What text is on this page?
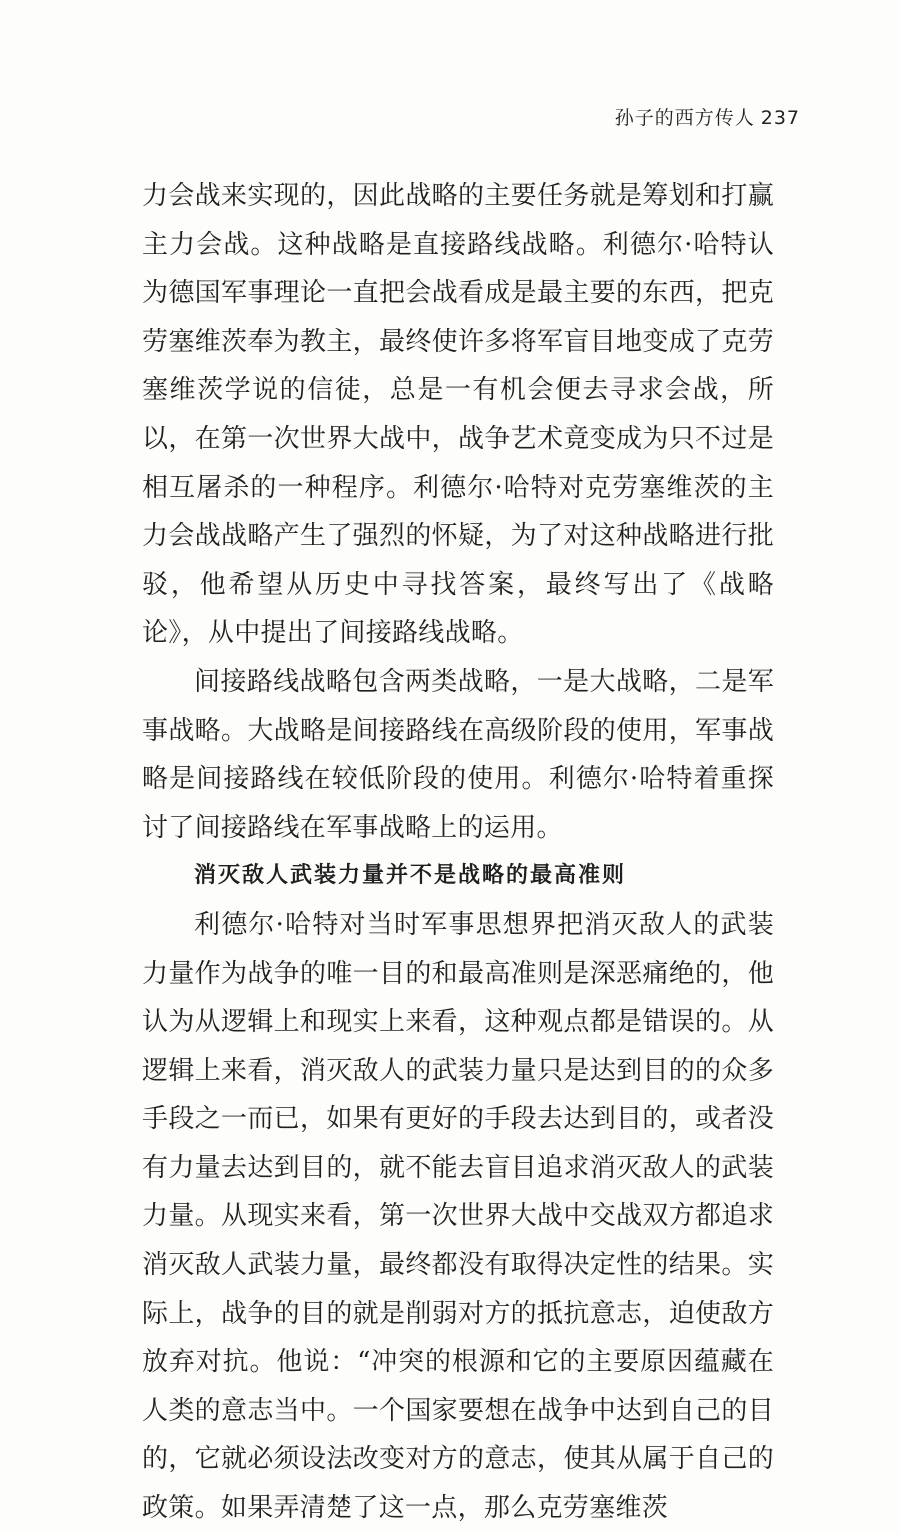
孙子的西方传人 237

力会战来实现的，因此战略的主要任务就是筹划和打赢主力会战。这种战略是直接路线战略。利德尔·哈特认为德国军事理论一直把会战看成是最主要的东西，把克劳塞维茨奉为教主，最终使许多将军盲目地变成了克劳塞维茨学说的信徒，总是一有机会便去寻求会战，所以，在第一次世界大战中，战争艺术竟变成为只不过是相互屠杀的一种程序。利德尔·哈特对克劳塞维茨的主力会战战略产生了强烈的怀疑，为了对这种战略进行批驳，他希望从历史中寻找答案，最终写出了《战略论》，从中提出了间接路线战略。

间接路线战略包含两类战略，一是大战略，二是军事战略。大战略是间接路线在高级阶段的使用，军事战略是间接路线在较低阶段的使用。利德尔·哈特着重探讨了间接路线在军事战略上的运用。

消灭敌人武装力量并不是战略的最高准则

利德尔·哈特对当时军事思想界把消灭敌人的武装力量作为战争的唯一目的和最高准则是深恶痛绝的，他认为从逻辑上和现实上来看，这种观点都是错误的。从逻辑上来看，消灭敌人的武装力量只是达到目的的众多手段之一而已，如果有更好的手段去达到目的，或者没有力量去达到目的，就不能去盲目追求消灭敌人的武装力量。从现实来看，第一次世界大战中交战双方都追求消灭敌人武装力量，最终都没有取得决定性的结果。实际上，战争的目的就是削弱对方的抵抗意志，迫使敌方放弃对抗。他说：“冲突的根源和它的主要原因蕴藏在人类的意志当中。一个国家要想在战争中达到自己的目的，它就必须设法改变对方的意志，使其从属于自己的政策。如果弄清楚了这一点，那么克劳塞维茨
